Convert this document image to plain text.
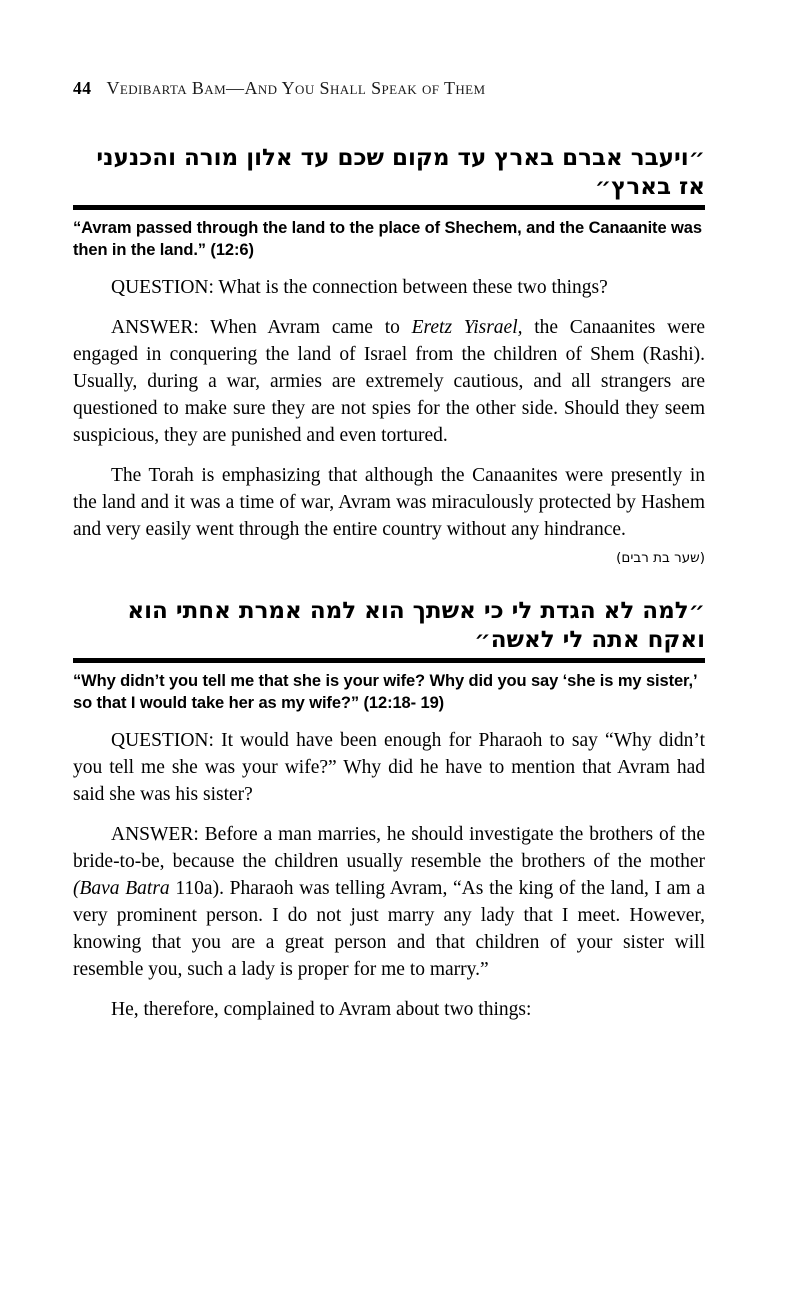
44 Vedibarta Bam—And You Shall Speak of Them
״ויעבר אברם בארץ עד מקום שכם עד אלון מורה והכנעני אז בארץ״
“Avram passed through the land to the place of Shechem, and the Canaanite was then in the land.” (12:6)

QUESTION: What is the connection between these two things?

ANSWER: When Avram came to Eretz Yisrael, the Canaanites were engaged in conquering the land of Israel from the children of Shem (Rashi). Usually, during a war, armies are extremely cautious, and all strangers are questioned to make sure they are not spies for the other side. Should they seem suspicious, they are punished and even tortured.

The Torah is emphasizing that although the Canaanites were presently in the land and it was a time of war, Avram was miraculously protected by Hashem and very easily went through the entire country without any hindrance.

(שער בת רבים)
״למה לא הגדת לי כי אשתך הוא למה אמרת אחתי הוא ואקח אתה לי לאשה״
“Why didn’t you tell me that she is your wife? Why did you say ‘she is my sister,’ so that I would take her as my wife?” (12:18- 19)

QUESTION: It would have been enough for Pharaoh to say “Why didn’t you tell me she was your wife?” Why did he have to mention that Avram had said she was his sister?

ANSWER: Before a man marries, he should investigate the brothers of the bride-to-be, because the children usually resemble the brothers of the mother (Bava Batra 110a). Pharaoh was telling Avram, “As the king of the land, I am a very prominent person. I do not just marry any lady that I meet. However, knowing that you are a great person and that children of your sister will resemble you, such a lady is proper for me to marry.”

He, therefore, complained to Avram about two things:
